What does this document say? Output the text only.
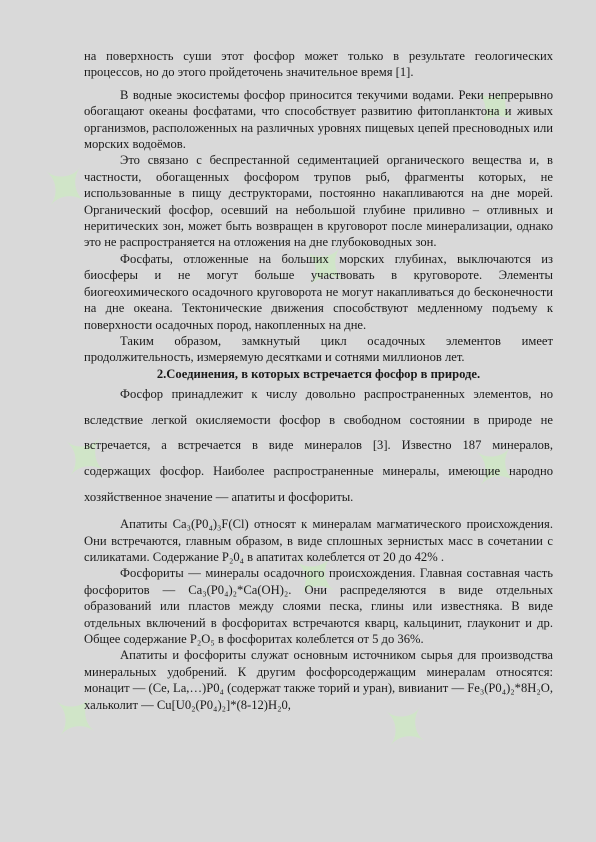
✦
✦
✦
✦	✦
✦
✦	✦

на поверхность суши этот фосфор может только в результате геологических процессов, но до этого пройдеточень значительное время [1].

В водные экосистемы фосфор приносится текучими водами. Реки непрерывно обогащают океаны фосфатами, что способствует развитию фитопланктона и живых организмов, расположенных на различных уровнях пищевых цепей пресноводных или морских водоёмов.

Это связано с беспрестанной седиментацией органического вещества и, в частности, обогащенных фосфором трупов рыб, фрагменты которых, не использованные в пищу деструкторами, постоянно накапливаются на дне морей. Органический фосфор, осевший на небольшой глубине приливно – отливных и неритических зон, может быть возвращен в круговорот после минерализации, однако это не распространяется на отложения на дне глубоководных зон.

Фосфаты, отложенные на больших морских глубинах, выключаются из биосферы и не могут больше участвовать в круговороте. Элементы биогеохимического осадочного круговорота не могут накапливаться до бесконечности на дне океана. Тектонические движения способствуют медленному подъему к поверхности осадочных пород, накопленных на дне.

Таким образом, замкнутый цикл осадочных элементов имеет продолжительность, измеряемую десятками и сотнями миллионов лет.

2.Соединения, в которых встречается фосфор в природе.

Фосфор принадлежит к числу довольно распространенных элементов, но вследствие легкой окисляемости фосфор в свободном состоянии в природе не встречается, а встречается в виде минералов [3]. Известно 187 минералов, содержащих фосфор. Наиболее распространенные минералы, имеющие народно хозяйственное значение — апатиты и фосфориты.

Апатиты Ca₃(P0₄)₃F(Cl) относят к минералам магматического происхождения. Они встречаются, главным образом, в виде сплошных зернистых масс в сочетании с силикатами. Содержание P₂0₄ в апатитах колеблется от 20 до 42% .

Фосфориты — минералы осадочного происхождения. Главная составная часть фосфоритов — Ca₃(P0₄)₂*Ca(OH)₂. Они распределяются в виде отдельных образований или пластов между слоями песка, глины или известняка. В виде отдельных включений в фосфоритах встречаются кварц, кальцинит, глауконит и др. Общее содержание P₂O₅ в фосфоритах колеблется от 5 до 36%.

Апатиты и фосфориты служат основным источником сырья для производства минеральных удобрений. К другим фосфорсодержащим минералам относятся: монацит — (Ce, La,…)P0₄ (содержат также торий и уран), вивианит — Fe₃(P0₄)₂*8H₂O, хальколит — Cu[U0₂(P0₄)₂]*(8-12)H₂0,
